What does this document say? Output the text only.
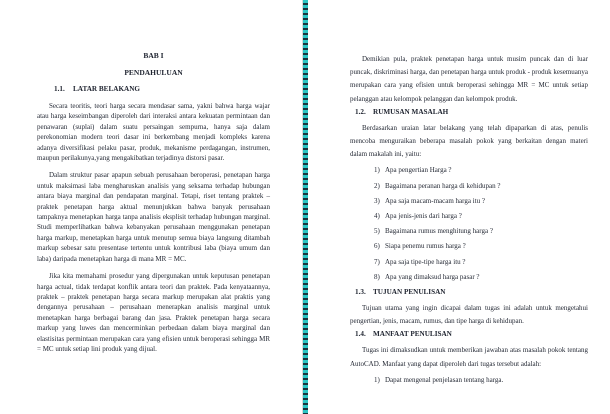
BAB I
PENDAHULUAN
1.1.	LATAR BELAKANG

Secara teoritis, teori harga secara mendasar sama, yakni bahwa harga wajar atau harga keseimbangan diperoleh dari interaksi antara kekuatan permintaan dan penawaran (suplai) dalam suatu persaingan sempurna, hanya saja dalam perekonomian modern teori dasar ini berkembang menjadi kompleks karena adanya diversifikasi pelaku pasar, produk, mekanisme perdagangan, instrumen, maupun perilakunya,yang mengakibatkan terjadinya distorsi pasar.

Dalam struktur pasar apapun sebuah perusahaan beroperasi, penetapan harga untuk maksimasi laba mengharuskan analisis yang seksama terhadap hubungan antara biaya marginal dan pendapatan marginal. Tetapi, riset tentang praktek – praktek penetapan harga aktual menunjukkan bahwa banyak perusahaan tampaknya menetapkan harga tanpa analisis eksplisit terhadap hubungan marginal. Studi memperlihatkan bahwa kebanyakan perusahaan menggunakan penetapan harga markup, menetapkan harga untuk menutup semua biaya langsung ditambah markup sebesar satu presentase tertentu untuk kontribusi laba (biaya umum dan laba) daripada menetapkan harga di mana MR = MC.

Jika kita memahami prosedur yang dipergunakan untuk keputusan penetapan harga actual, tidak terdapat konflik antara teori dan praktek. Pada kenyataannya, praktek – praktek penetapan harga secara markup merupakan alat praktis yang dengannya perusahaan – perusahaan menerapkan analisis marginal untuk menetapkan harga berbagai barang dan jasa. Praktek penetapan harga secara markup yang luwes dan mencerminkan perbedaan dalam biaya marginal dan elastisitas permintaan merupakan cara yang efisien untuk beroperasi sehingga MR = MC untuk setiap lini produk yang dijual.

Demikian pula, praktek penetapan harga untuk musim puncak dan di luar puncak, diskriminasi harga, dan penetapan harga untuk produk - produk kesemuanya merupakan cara yang efisien untuk beroperasi sehingga MR = MC untuk setiap pelanggan atau kelompok pelanggan dan kelompok produk.

1.2.	RUMUSAN MASALAH

Berdasarkan uraian latar belakang yang telah dipaparkan di atas, penulis mencoba menguraikan beberapa masalah pokok yang berkaitan dengan materi dalam makalah ini, yaitu:

1) Apa pengertian Harga ?
2) Bagaimana peranan harga di kehidupan ?
3) Apa saja macam-macam harga itu ?
4) Apa jenis-jenis dari harga ?
5) Bagaimana rumus menghitung harga ?
6) Siapa penemu rumus harga ?
7) Apa saja tipe-tipe harga itu ?
8) Apa yang dimaksud harga pasar ?
1.3.	TUJUAN PENULISAN

Tujuan utama yang ingin dicapai dalam tugas ini adalah untuk mengetahui pengertian, jenis, macam, rumus, dan tipe harga di kehidupan.

1.4.	MANFAAT PENULISAN

Tugas ini dimaksudkan untuk memberikan jawaban atas masalah pokok tentang AutoCAD. Manfaat yang dapat diperoleh dari tugas tersebut adalah:

1) Dapat mengenal penjelasan tentang harga.
